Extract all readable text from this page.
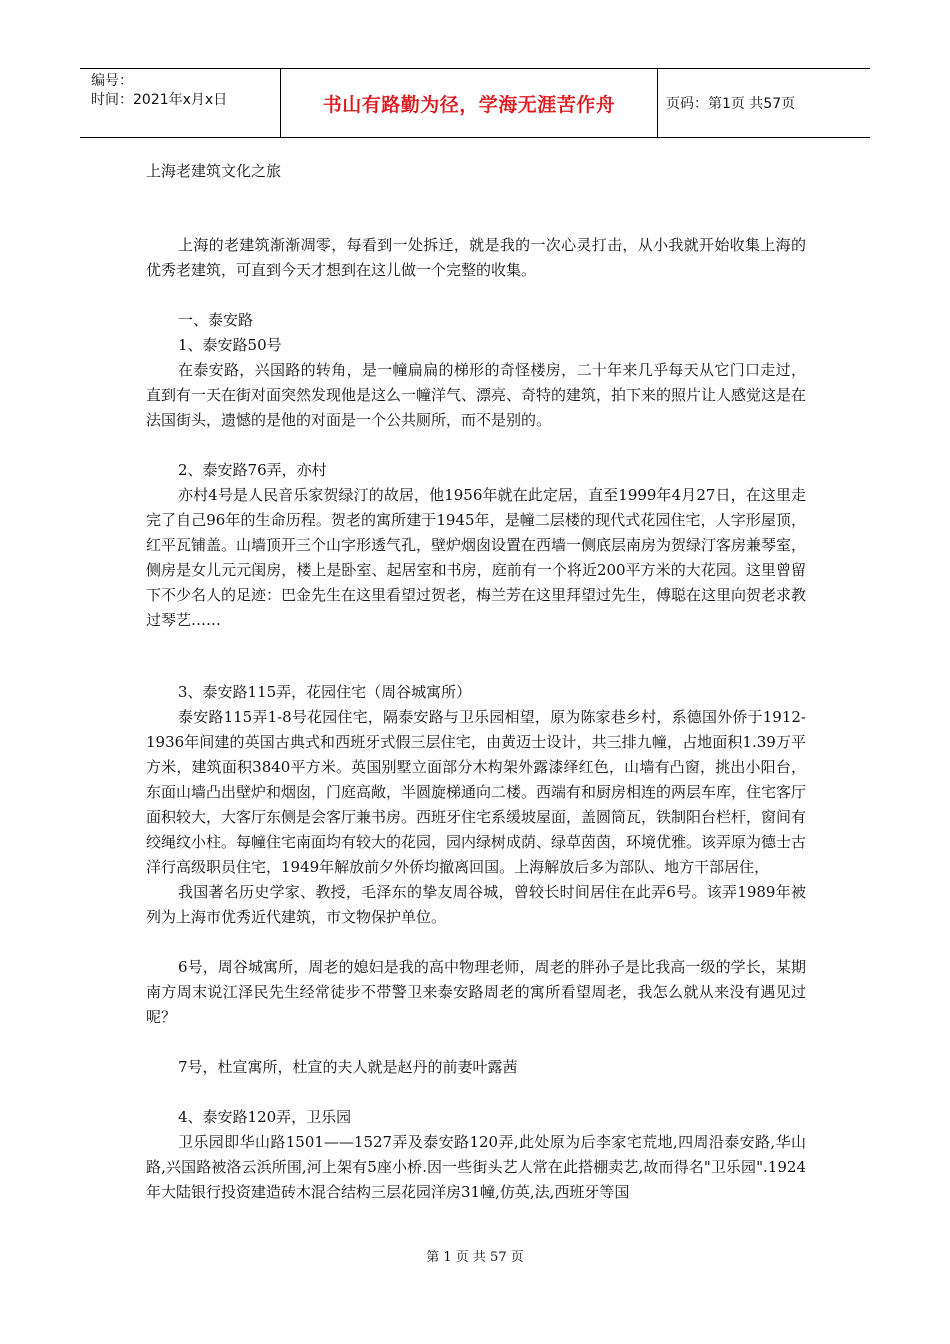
编号：
时间：2021年x月x日	书山有路勤为径，学海无涯苦作舟	页码：第1页 共57页
上海老建筑文化之旅

上海的老建筑渐渐凋零，每看到一处拆迁，就是我的一次心灵打击，从小我就开始收集上海的优秀老建筑，可直到今天才想到在这儿做一个完整的收集。

一、泰安路

1、泰安路50号

在泰安路，兴国路的转角，是一幢扁扁的梯形的奇怪楼房，二十年来几乎每天从它门口走过，直到有一天在街对面突然发现他是这么一幢洋气、漂亮、奇特的建筑，拍下来的照片让人感觉这是在法国街头，遗憾的是他的对面是一个公共厕所，而不是别的。

2、泰安路76弄，亦村

亦村4号是人民音乐家贺绿汀的故居，他1956年就在此定居，直至1999年4月27日，在这里走完了自己96年的生命历程。贺老的寓所建于1945年，是幢二层楼的现代式花园住宅，人字形屋顶，红平瓦铺盖。山墙顶开三个山字形透气孔，壁炉烟囱设置在西墙一侧底层南房为贺绿汀客房兼琴室，侧房是女儿元元闺房，楼上是卧室、起居室和书房，庭前有一个将近200平方米的大花园。这里曾留下不少名人的足迹：巴金先生在这里看望过贺老，梅兰芳在这里拜望过先生，傅聪在这里向贺老求教过琴艺……

3、泰安路115弄，花园住宅（周谷城寓所）

泰安路115弄1-8号花园住宅，隔泰安路与卫乐园相望，原为陈家巷乡村，系德国外侨于1912-1936年间建的英国古典式和西班牙式假三层住宅，由黄迈士设计，共三排九幢，占地面积1.39万平方米，建筑面积3840平方米。英国别墅立面部分木构架外露漆绎红色，山墙有凸窗，挑出小阳台，东面山墙凸出壁炉和烟囱，门庭高敞，半圆旋梯通向二楼。西端有和厨房相连的两层车库，住宅客厅面积较大，大客厅东侧是会客厅兼书房。西班牙住宅系缓坡屋面，盖圆筒瓦，铁制阳台栏杆，窗间有绞绳纹小柱。每幢住宅南面均有较大的花园，园内绿树成荫、绿草茵茵，环境优雅。该弄原为德士古洋行高级职员住宅，1949年解放前夕外侨均撤离回国。上海解放后多为部队、地方干部居住，

我国著名历史学家、教授，毛泽东的挚友周谷城，曾较长时间居住在此弄6号。该弄1989年被列为上海市优秀近代建筑，市文物保护单位。

6号，周谷城寓所，周老的媳妇是我的高中物理老师，周老的胖孙子是比我高一级的学长，某期南方周末说江泽民先生经常徒步不带警卫来泰安路周老的寓所看望周老，我怎么就从来没有遇见过呢？

7号，杜宣寓所，杜宣的夫人就是赵丹的前妻叶露茜

4、泰安路120弄，卫乐园

卫乐园即华山路1501——1527弄及泰安路120弄,此处原为后李家宅荒地,四周沿泰安路,华山路,兴国路被洛云浜所围,河上架有5座小桥.因一些街头艺人常在此搭棚卖艺,故而得名"卫乐园".1924年大陆银行投资建造砖木混合结构三层花园洋房31幢,仿英,法,西班牙等国

第 1 页 共 57 页
